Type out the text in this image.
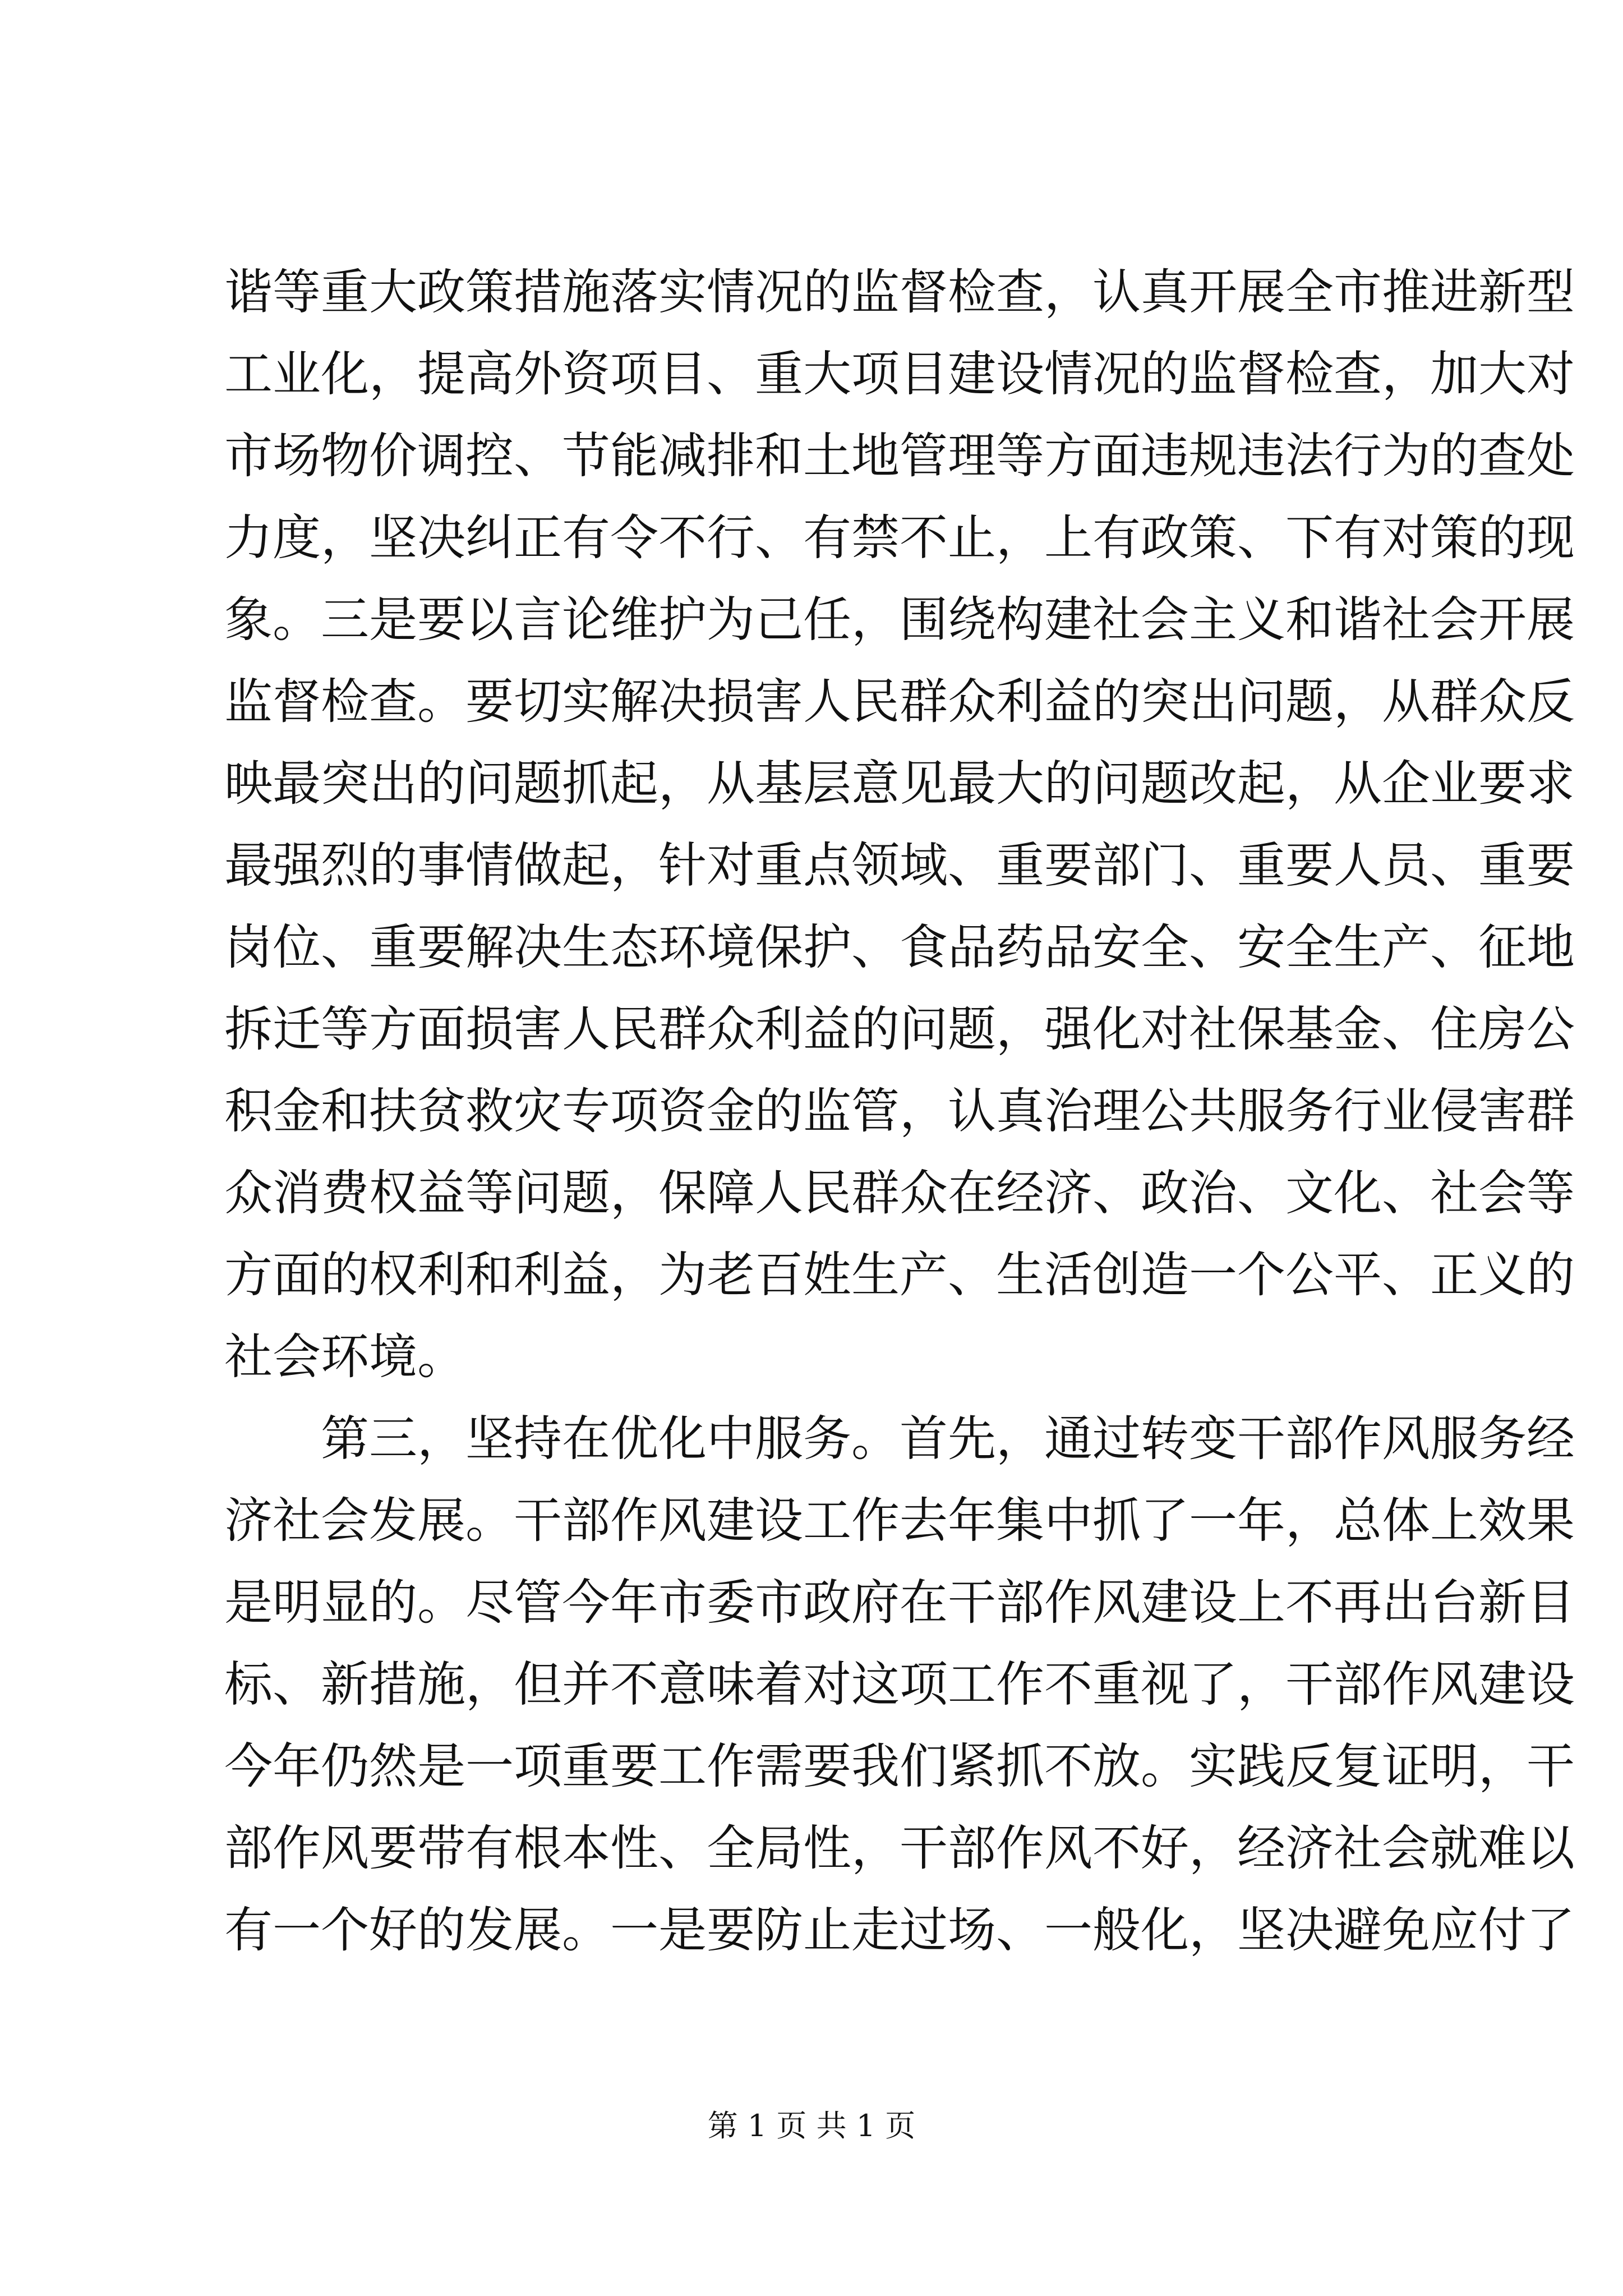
谐等重大政策措施落实情况的监督检查，认真开展全市推进新型
工业化，提高外资项目、重大项目建设情况的监督检查，加大对
市场物价调控、节能减排和土地管理等方面违规违法行为的查处
力度，坚决纠正有令不行、有禁不止，上有政策、下有对策的现
象。三是要以言论维护为己任，围绕构建社会主义和谐社会开展
监督检查。要切实解决损害人民群众利益的突出问题，从群众反
映最突出的问题抓起，从基层意见最大的问题改起，从企业要求
最强烈的事情做起，针对重点领域、重要部门、重要人员、重要
岗位、重要解决生态环境保护、食品药品安全、安全生产、征地
拆迁等方面损害人民群众利益的问题，强化对社保基金、住房公
积金和扶贫救灾专项资金的监管，认真治理公共服务行业侵害群
众消费权益等问题，保障人民群众在经济、政治、文化、社会等
方面的权利和利益，为老百姓生产、生活创造一个公平、正义的
社会环境。
第三，坚持在优化中服务。首先，通过转变干部作风服务经
济社会发展。干部作风建设工作去年集中抓了一年，总体上效果
是明显的。尽管今年市委市政府在干部作风建设上不再出台新目
标、新措施，但并不意味着对这项工作不重视了，干部作风建设
今年仍然是一项重要工作需要我们紧抓不放。实践反复证明，干
部作风要带有根本性、全局性，干部作风不好，经济社会就难以
有一个好的发展。一是要防止走过场、一般化，坚决避免应付了
第 1 页 共 1 页
